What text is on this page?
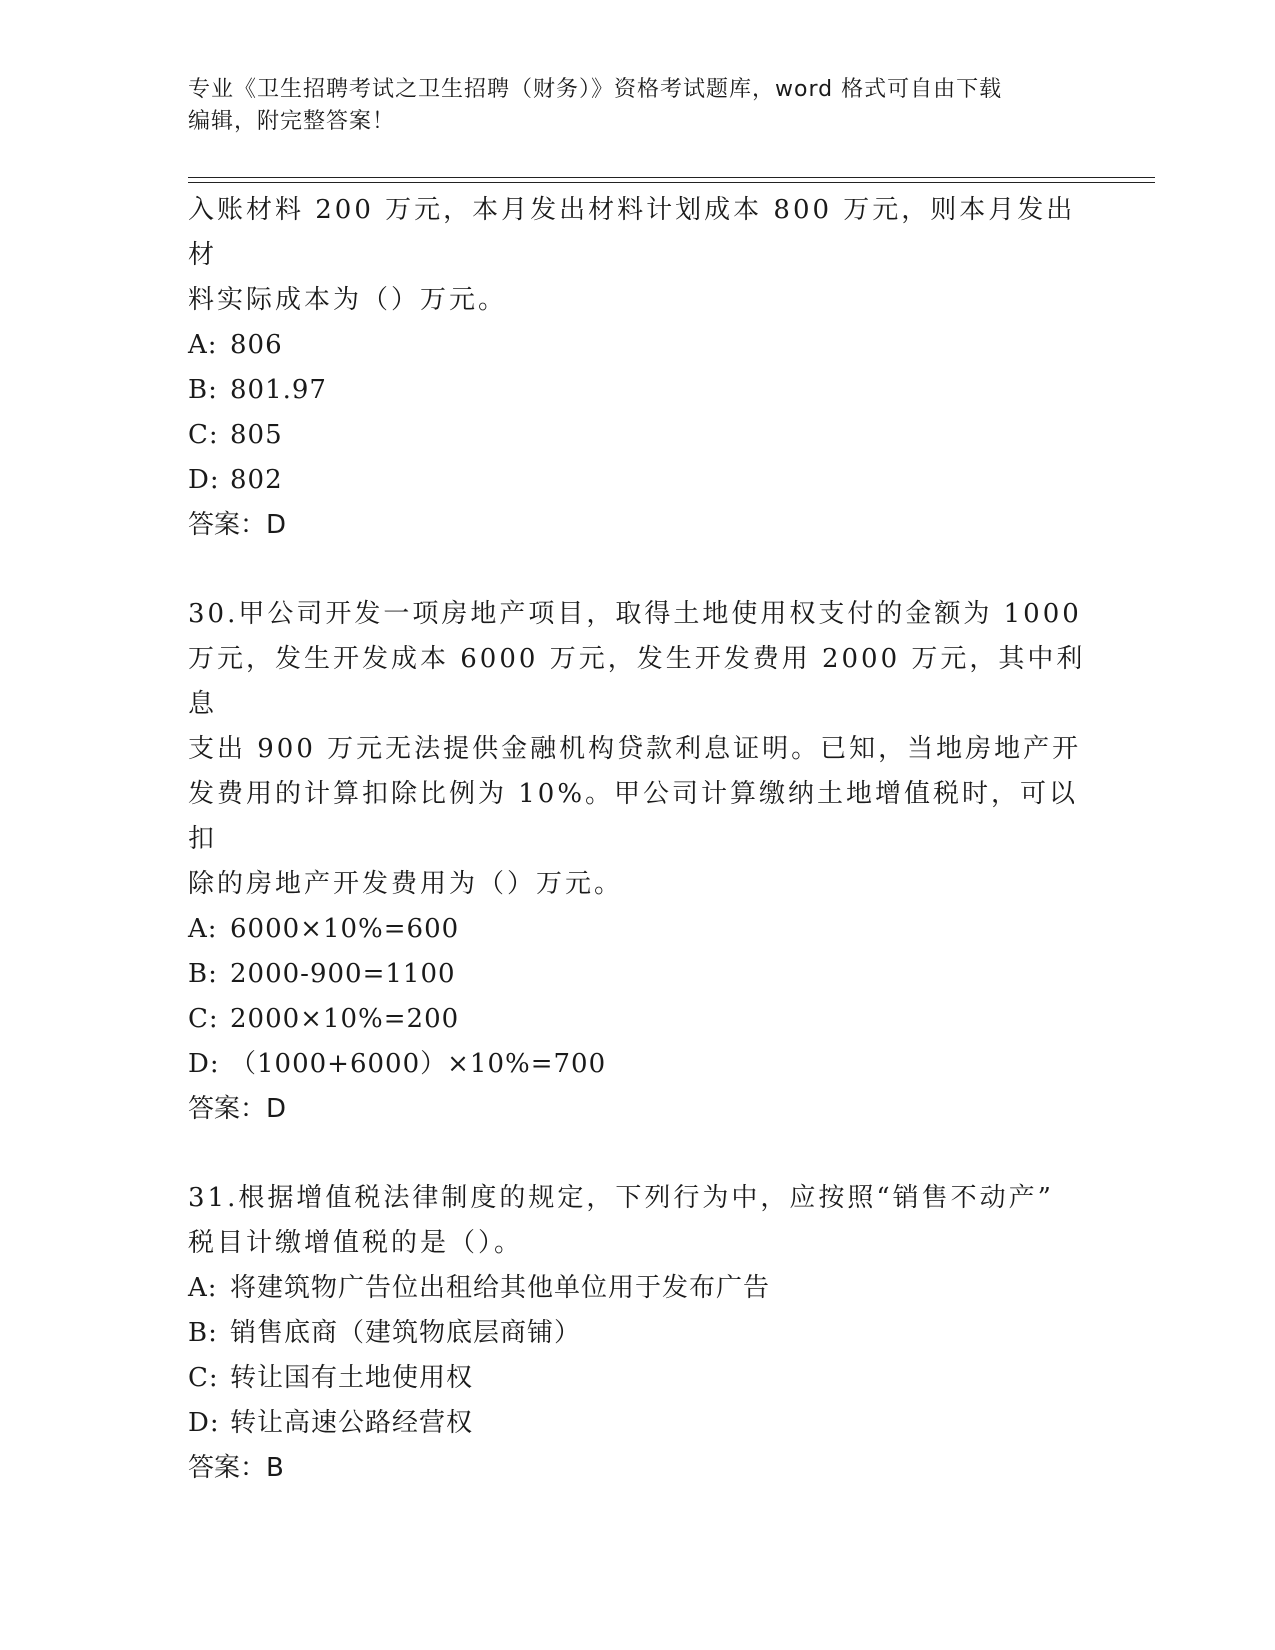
专业《卫生招聘考试之卫生招聘（财务）》资格考试题库，word 格式可自由下载
编辑，附完整答案！

入账材料 200 万元，本月发出材料计划成本 800 万元，则本月发出材

料实际成本为（）万元。

A: 806

B: 801.97

C: 805

D: 802

答案：D

30.甲公司开发一项房地产项目，取得土地使用权支付的金额为 1000

万元，发生开发成本 6000 万元，发生开发费用 2000 万元，其中利息

支出 900 万元无法提供金融机构贷款利息证明。已知，当地房地产开

发费用的计算扣除比例为 10%。甲公司计算缴纳土地增值税时，可以扣

除的房地产开发费用为（）万元。

A: 6000×10%=600

B: 2000-900=1100

C: 2000×10%=200

D: （1000+6000）×10%=700

答案：D

31.根据增值税法律制度的规定，下列行为中，应按照“销售不动产”

税目计缴增值税的是（）。

A: 将建筑物广告位出租给其他单位用于发布广告

B: 销售底商（建筑物底层商铺）

C: 转让国有土地使用权

D: 转让高速公路经营权

答案：B
